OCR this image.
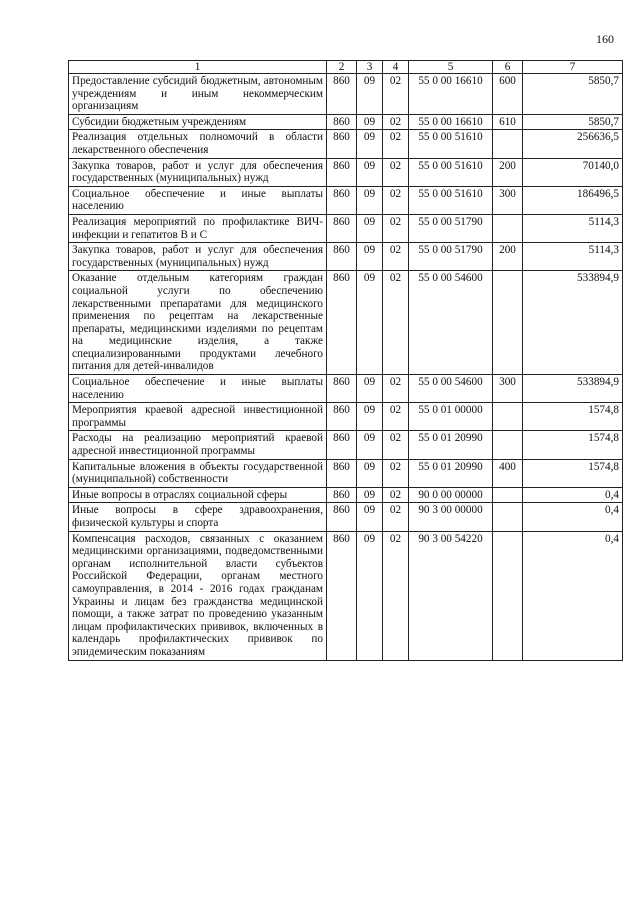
160
1	2	3	4	5	6	7
Предоставление субсидий бюджетным, автономным учреждениям и иным некоммерческим организациям	860	09	02	55 0 00 16610	600	5850,7
Субсидии бюджетным учреждениям	860	09	02	55 0 00 16610	610	5850,7
Реализация отдельных полномочий в области лекарственного обеспечения	860	09	02	55 0 00 51610		256636,5
Закупка товаров, работ и услуг для обеспечения государственных (муниципальных) нужд	860	09	02	55 0 00 51610	200	70140,0
Социальное обеспечение и иные выплаты населению	860	09	02	55 0 00 51610	300	186496,5
Реализация мероприятий по профилактике ВИЧ-инфекции и гепатитов В и С	860	09	02	55 0 00 51790		5114,3
Закупка товаров, работ и услуг для обеспечения государственных (муниципальных) нужд	860	09	02	55 0 00 51790	200	5114,3
Оказание отдельным категориям граждан социальной услуги по обеспечению лекарственными препаратами для медицинского применения по рецептам на лекарственные препараты, медицинскими изделиями по рецептам на медицинские изделия, а также специализированными продуктами лечебного питания для детей-инвалидов	860	09	02	55 0 00 54600		533894,9
Социальное обеспечение и иные выплаты населению	860	09	02	55 0 00 54600	300	533894,9
Мероприятия краевой адресной инвестиционной программы	860	09	02	55 0 01 00000		1574,8
Расходы на реализацию мероприятий краевой адресной инвестиционной программы	860	09	02	55 0 01 20990		1574,8
Капитальные вложения в объекты государственной (муниципальной) собственности	860	09	02	55 0 01 20990	400	1574,8
Иные вопросы в отраслях социальной сферы	860	09	02	90 0 00 00000		0,4
Иные вопросы в сфере здравоохранения, физической культуры и спорта	860	09	02	90 3 00 00000		0,4
Компенсация расходов, связанных с оказанием медицинскими организациями, подведомственными органам исполнительной власти субъектов Российской Федерации, органам местного самоуправления, в 2014 - 2016 годах гражданам Украины и лицам без гражданства медицинской помощи, а также затрат по проведению указанным лицам профилактических прививок, включенных в календарь профилактических прививок по эпидемическим показаниям	860	09	02	90 3 00 54220		0,4
